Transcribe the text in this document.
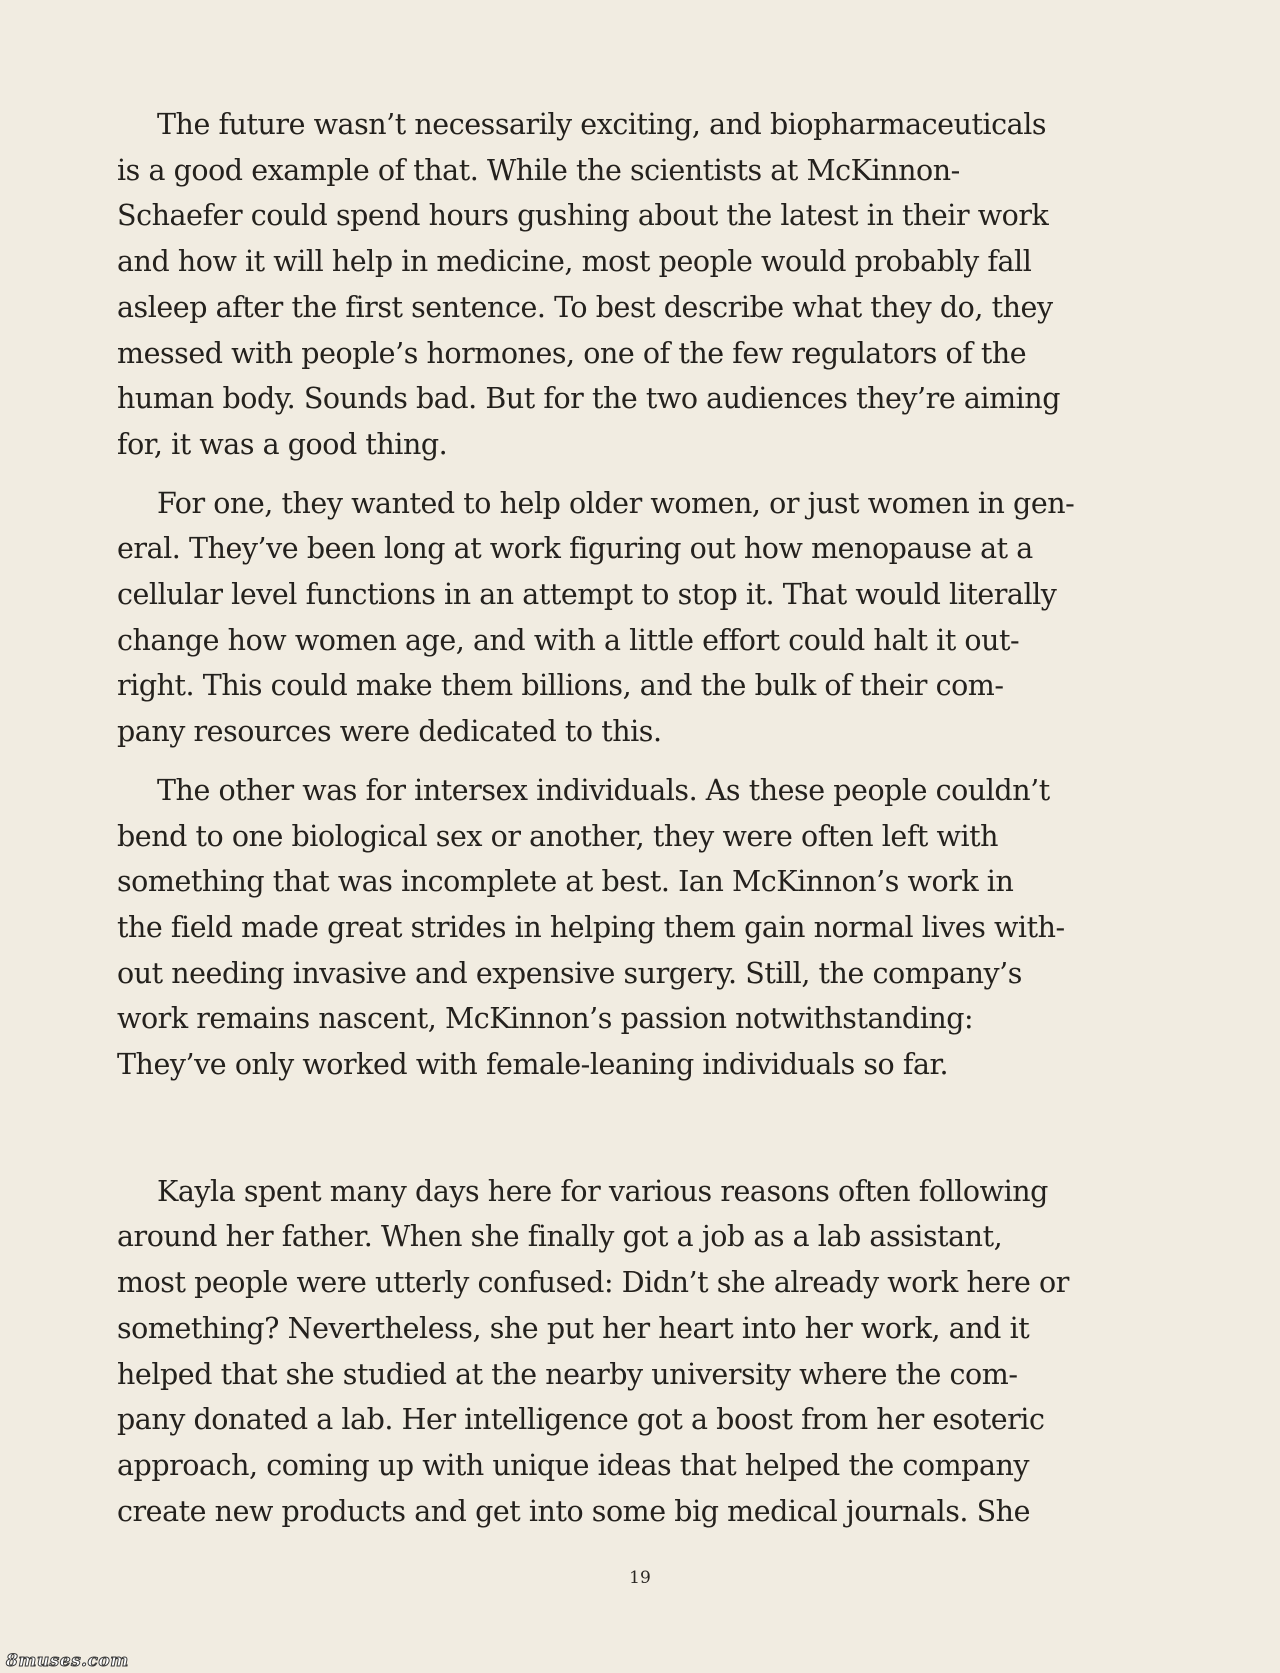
The future wasn’t necessarily exciting, and biopharmaceuticals
is a good example of that. While the scientists at McKinnon-
Schaefer could spend hours gushing about the latest in their work
and how it will help in medicine, most people would probably fall
asleep after the first sentence. To best describe what they do, they
messed with people’s hormones, one of the few regulators of the
human body. Sounds bad. But for the two audiences they’re aiming
for, it was a good thing.
For one, they wanted to help older women, or just women in gen-
eral. They’ve been long at work figuring out how menopause at a
cellular level functions in an attempt to stop it. That would literally
change how women age, and with a little effort could halt it out-
right. This could make them billions, and the bulk of their com-
pany resources were dedicated to this.
The other was for intersex individuals. As these people couldn’t
bend to one biological sex or another, they were often left with
something that was incomplete at best. Ian McKinnon’s work in
the field made great strides in helping them gain normal lives with-
out needing invasive and expensive surgery. Still, the company’s
work remains nascent, McKinnon’s passion notwithstanding:
They’ve only worked with female-leaning individuals so far.
Kayla spent many days here for various reasons often following
around her father. When she finally got a job as a lab assistant,
most people were utterly confused: Didn’t she already work here or
something? Nevertheless, she put her heart into her work, and it
helped that she studied at the nearby university where the com-
pany donated a lab. Her intelligence got a boost from her esoteric
approach, coming up with unique ideas that helped the company
create new products and get into some big medical journals. She
19
8muses.com
